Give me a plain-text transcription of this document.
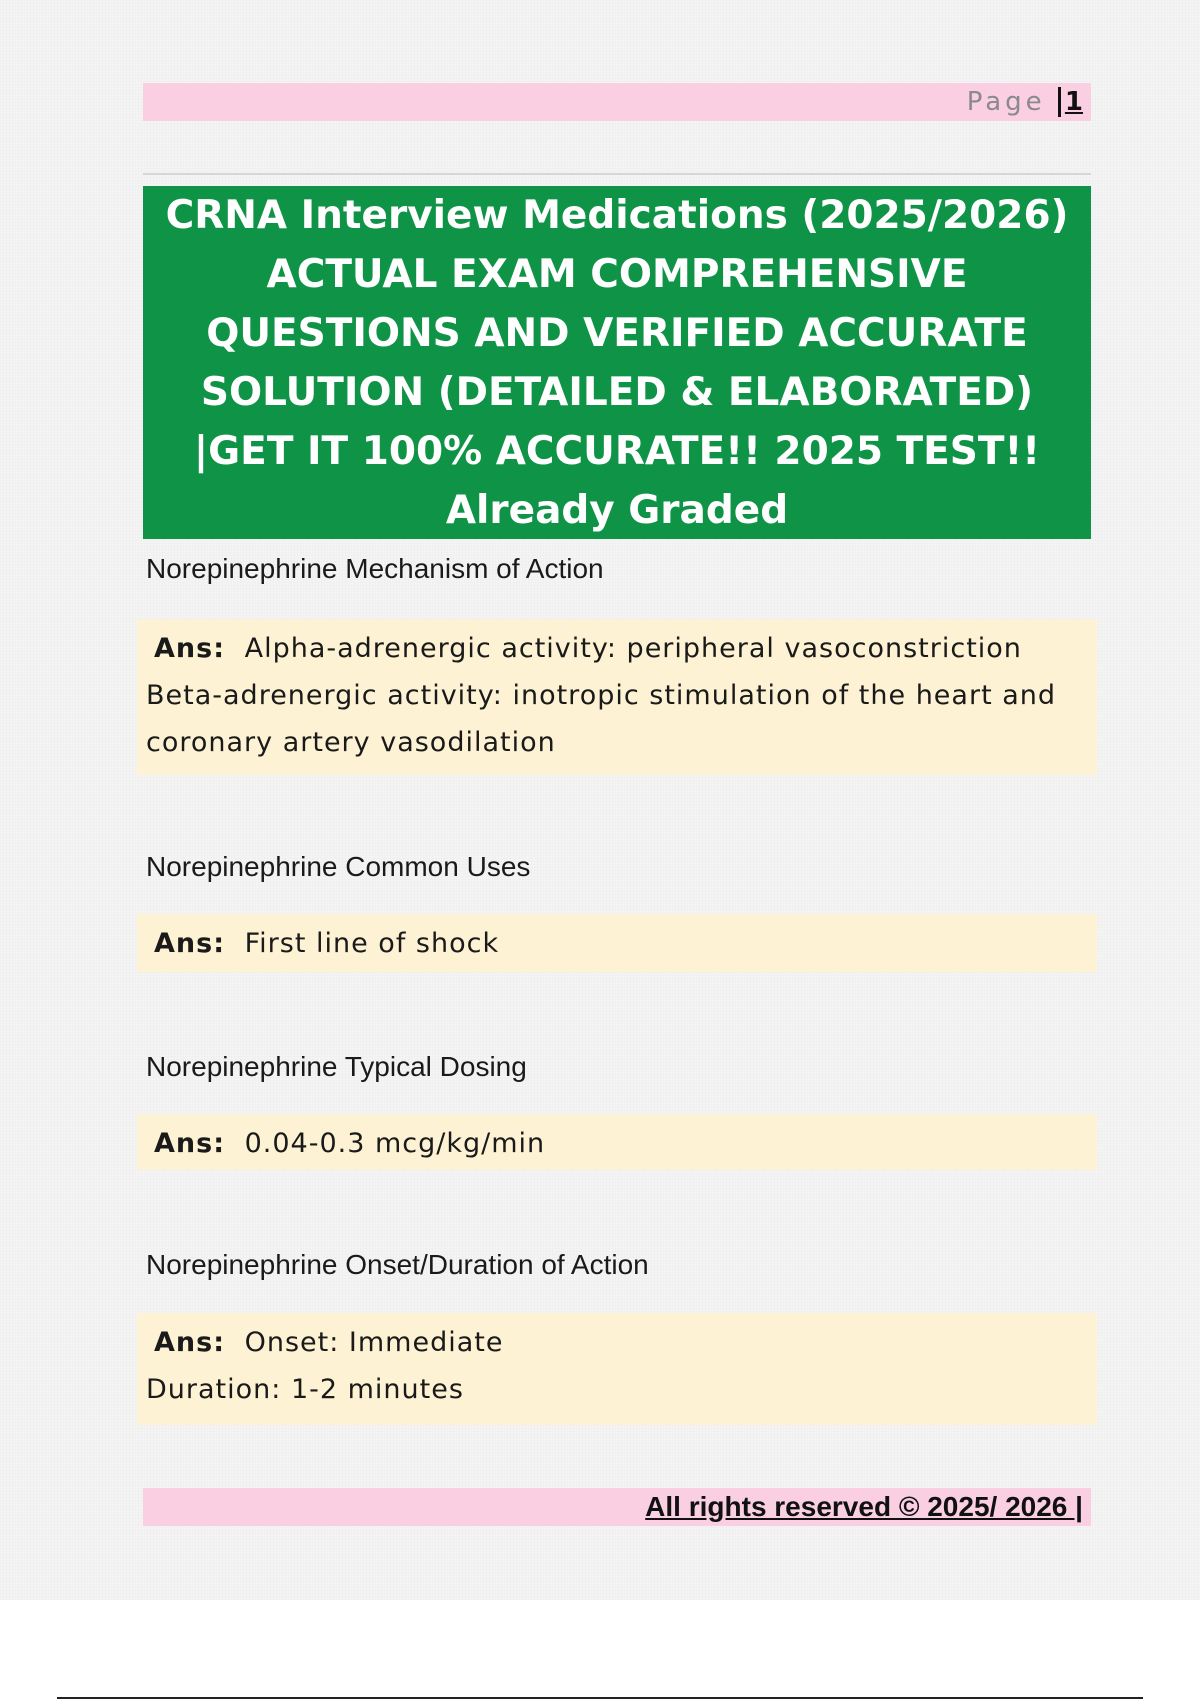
Page 1
CRNA Interview Medications (2025/2026)
ACTUAL EXAM COMPREHENSIVE
QUESTIONS AND VERIFIED ACCURATE
SOLUTION (DETAILED & ELABORATED)
|GET IT 100% ACCURATE!! 2025 TEST!!
Already Graded
Norepinephrine Mechanism of Action
Ans: Alpha-adrenergic activity: peripheral vasoconstriction
Beta-adrenergic activity: inotropic stimulation of the heart and
coronary artery vasodilation
Norepinephrine Common Uses
Ans: First line of shock
Norepinephrine Typical Dosing
Ans: 0.04-0.3 mcg/kg/min
Norepinephrine Onset/Duration of Action
Ans: Onset: Immediate
Duration: 1-2 minutes
All rights reserved © 2025/ 2026 |
